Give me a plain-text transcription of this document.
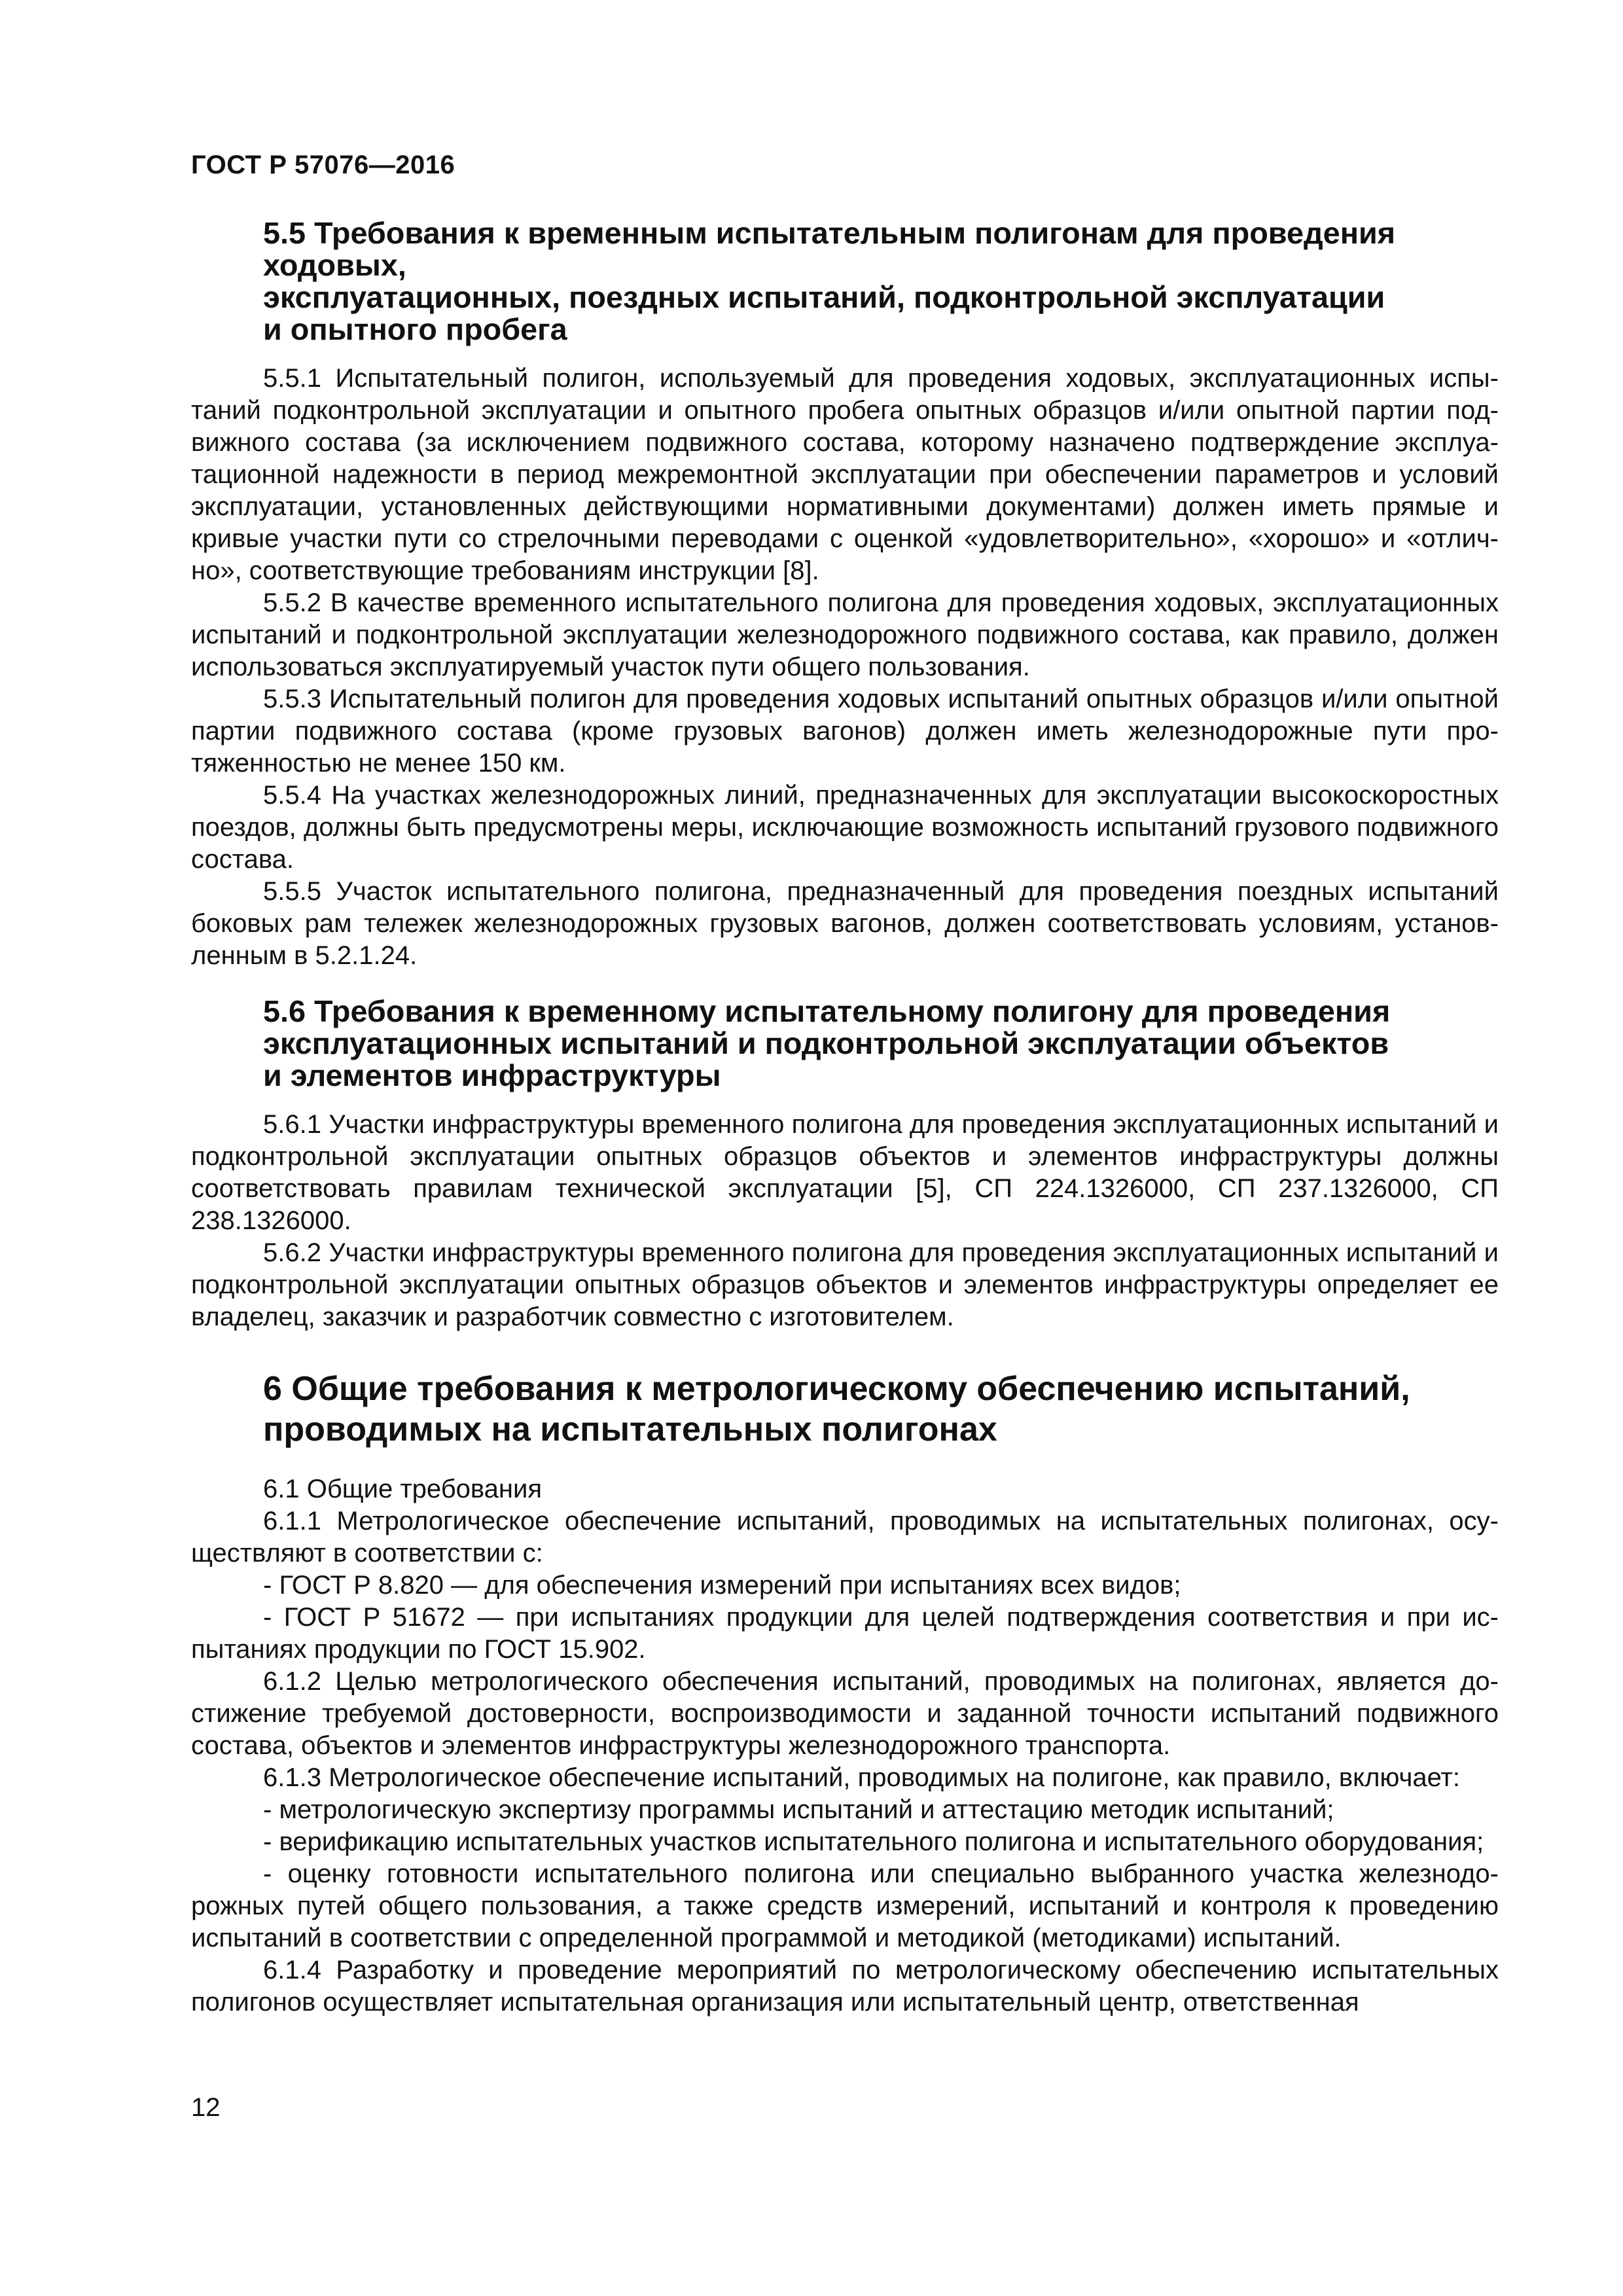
ГОСТ Р 57076—2016
5.5 Требования к временным испытательным полигонам для проведения ходовых,
эксплуатационных, поездных испытаний, подконтрольной эксплуатации
и опытного пробега

5.5.1 Испытательный полигон, используемый для проведения ходовых, эксплуатационных испытаний подконтрольной эксплуатации и опытного пробега опытных образцов и/или опытной партии подвижного состава (за исключением подвижного состава, которому назначено подтверждение эксплуатационной надежности в период межремонтной эксплуатации при обеспечении параметров и условий эксплуатации, установленных действующими нормативными документами) должен иметь прямые и кривые участки пути со стрелочными переводами с оценкой «удовлетворительно», «хорошо» и «отлично», соответствующие требованиям инструкции [8].

5.5.2 В качестве временного испытательного полигона для проведения ходовых, эксплуатационных испытаний и подконтрольной эксплуатации железнодорожного подвижного состава, как правило, должен использоваться эксплуатируемый участок пути общего пользования.

5.5.3 Испытательный полигон для проведения ходовых испытаний опытных образцов и/или опытной партии подвижного состава (кроме грузовых вагонов) должен иметь железнодорожные пути протяженностью не менее 150 км.

5.5.4 На участках железнодорожных линий, предназначенных для эксплуатации высокоскоростных поездов, должны быть предусмотрены меры, исключающие возможность испытаний грузового подвижного состава.

5.5.5 Участок испытательного полигона, предназначенный для проведения поездных испытаний боковых рам тележек железнодорожных грузовых вагонов, должен соответствовать условиям, установленным в 5.2.1.24.

5.6 Требования к временному испытательному полигону для проведения
эксплуатационных испытаний и подконтрольной эксплуатации объектов
и элементов инфраструктуры

5.6.1 Участки инфраструктуры временного полигона для проведения эксплуатационных испытаний и подконтрольной эксплуатации опытных образцов объектов и элементов инфраструктуры должны соответствовать правилам технической эксплуатации [5], СП 224.1326000, СП 237.1326000, СП 238.1326000.

5.6.2 Участки инфраструктуры временного полигона для проведения эксплуатационных испытаний и подконтрольной эксплуатации опытных образцов объектов и элементов инфраструктуры определяет ее владелец, заказчик и разработчик совместно с изготовителем.

6 Общие требования к метрологическому обеспечению испытаний,
проводимых на испытательных полигонах

6.1 Общие требования

6.1.1 Метрологическое обеспечение испытаний, проводимых на испытательных полигонах, осуществляют в соответствии с:

- ГОСТ Р 8.820 — для обеспечения измерений при испытаниях всех видов;

- ГОСТ Р 51672 — при испытаниях продукции для целей подтверждения соответствия и при испытаниях продукции по ГОСТ 15.902.

6.1.2 Целью метрологического обеспечения испытаний, проводимых на полигонах, является достижение требуемой достоверности, воспроизводимости и заданной точности испытаний подвижного состава, объектов и элементов инфраструктуры железнодорожного транспорта.

6.1.3 Метрологическое обеспечение испытаний, проводимых на полигоне, как правило, включает:

- метрологическую экспертизу программы испытаний и аттестацию методик испытаний;

- верификацию испытательных участков испытательного полигона и испытательного оборудования;

- оценку готовности испытательного полигона или специально выбранного участка железнодорожных путей общего пользования, а также средств измерений, испытаний и контроля к проведению испытаний в соответствии с определенной программой и методикой (методиками) испытаний.

6.1.4 Разработку и проведение мероприятий по метрологическому обеспечению испытательных полигонов осуществляет испытательная организация или испытательный центр, ответственная

12
